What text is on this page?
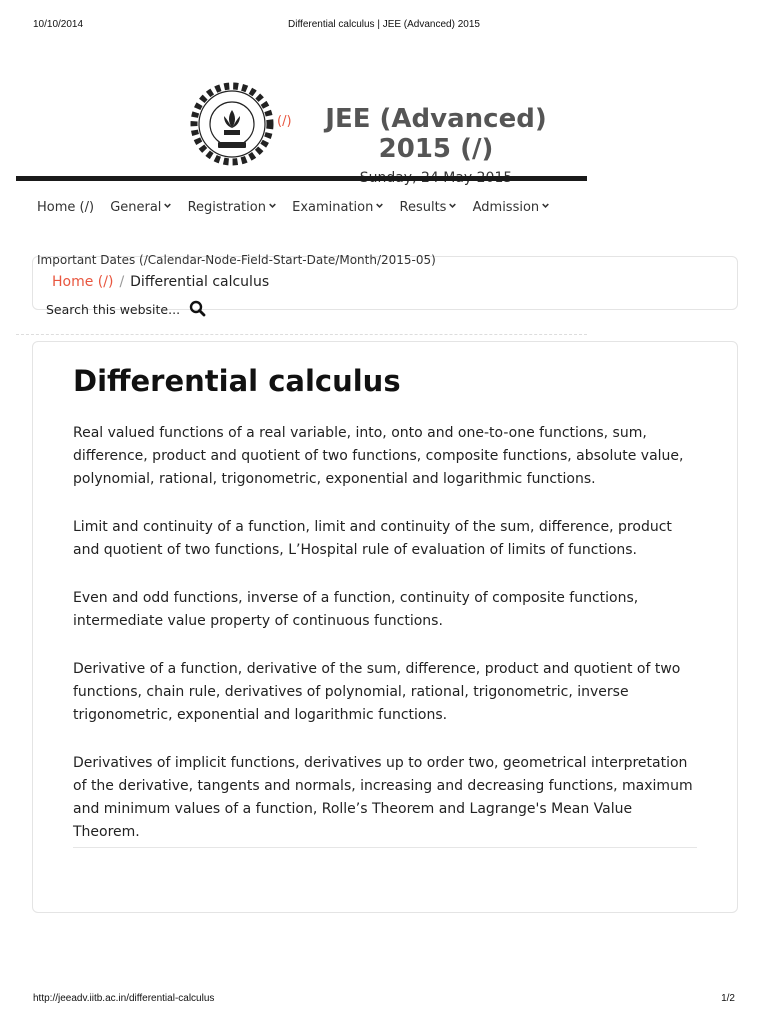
10/10/2014	Differential calculus | JEE (Advanced) 2015
(/)	JEE (Advanced) 2015 (/)
Home (/) General Registration Examination Results Admission
Important Dates (/Calendar-Node-Field-Start-Date/Month/2015-05)
Home (/) / Differential calculus
Search this website...
Differential calculus

Real valued functions of a real variable, into, onto and one-to-one functions, sum, difference, product and quotient of two functions, composite functions, absolute value, polynomial, rational, trigonometric, exponential and logarithmic functions.

Limit and continuity of a function, limit and continuity of the sum, difference, product and quotient of two functions, L’Hospital rule of evaluation of limits of functions.

Even and odd functions, inverse of a function, continuity of composite functions, intermediate value property of continuous functions.

Derivative of a function, derivative of the sum, difference, product and quotient of two functions, chain rule, derivatives of polynomial, rational, trigonometric, inverse trigonometric, exponential and logarithmic functions.

Derivatives of implicit functions, derivatives up to order two, geometrical interpretation of the derivative, tangents and normals, increasing and decreasing functions, maximum and minimum values of a function, Rolle’s Theorem and Lagrange's Mean Value Theorem.

http://jeeadv.iitb.ac.in/differential-calculus	1/2
